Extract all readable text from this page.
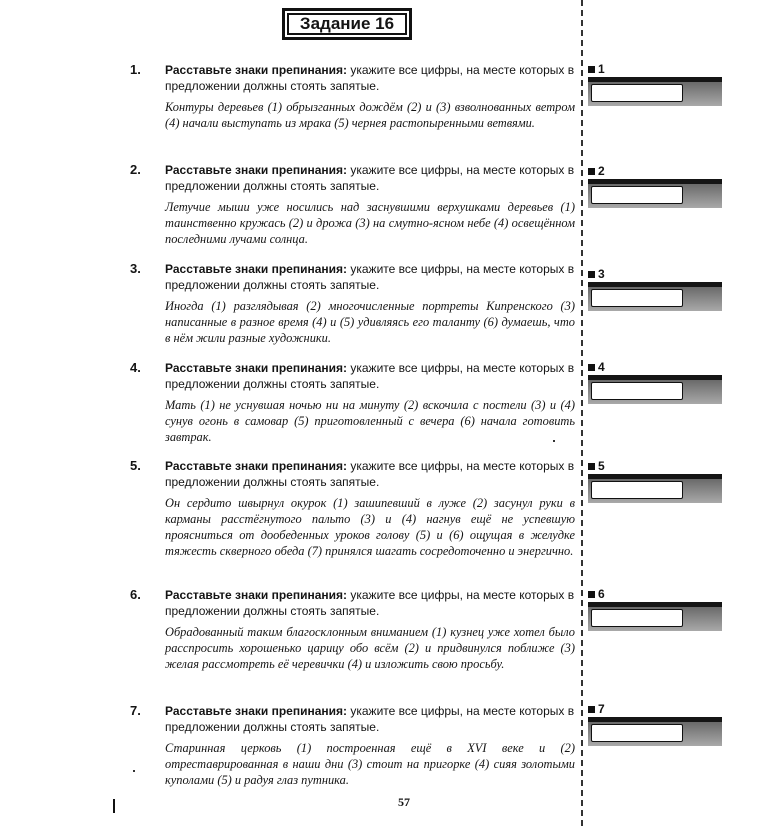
Задание 16
1. Расставьте знаки препинания: укажите все цифры, на месте которых в предложении должны стоять запятые.

Контуры деревьев (1) обрызганных дождём (2) и (3) взволнованных ветром (4) начали выступать из мрака (5) чернея растопыренными ветвями.

1
2. Расставьте знаки препинания: укажите все цифры, на месте которых в предложении должны стоять запятые.

Летучие мыши уже носились над заснувшими верхушками деревьев (1) таинственно кружась (2) и дрожа (3) на смутно-ясном небе (4) освещённом последними лучами солнца.

2
3. Расставьте знаки препинания: укажите все цифры, на месте которых в предложении должны стоять запятые.

Иногда (1) разглядывая (2) многочисленные портреты Кипренского (3) написанные в разное время (4) и (5) удивляясь его таланту (6) думаешь, что в нём жили разные художники.

3
4. Расставьте знаки препинания: укажите все цифры, на месте которых в предложении должны стоять запятые.

Мать (1) не уснувшая ночью ни на минуту (2) вскочила с постели (3) и (4) сунув огонь в самовар (5) приготовленный с вечера (6) начала готовить завтрак.

4
5. Расставьте знаки препинания: укажите все цифры, на месте которых в предложении должны стоять запятые.

Он сердито швырнул окурок (1) зашипевший в луже (2) засунул руки в карманы расстёгнутого пальто (3) и (4) нагнув ещё не успевшую проясниться от дообеденных уроков голову (5) и (6) ощущая в желудке тяжесть скверного обеда (7) принялся шагать сосредоточенно и энергично.

5
6. Расставьте знаки препинания: укажите все цифры, на месте которых в предложении должны стоять запятые.

Обрадованный таким благосклонным вниманием (1) кузнец уже хотел было расспросить хорошенько царицу обо всём (2) и придвинулся поближе (3) желая рассмотреть её черевички (4) и изложить свою просьбу.

6
7. Расставьте знаки препинания: укажите все цифры, на месте которых в предложении должны стоять запятые.

Старинная церковь (1) построенная ещё в XVI веке и (2) отреставрированная в наши дни (3) стоит на пригорке (4) сияя золотыми куполами (5) и радуя глаз путника.

7
57
